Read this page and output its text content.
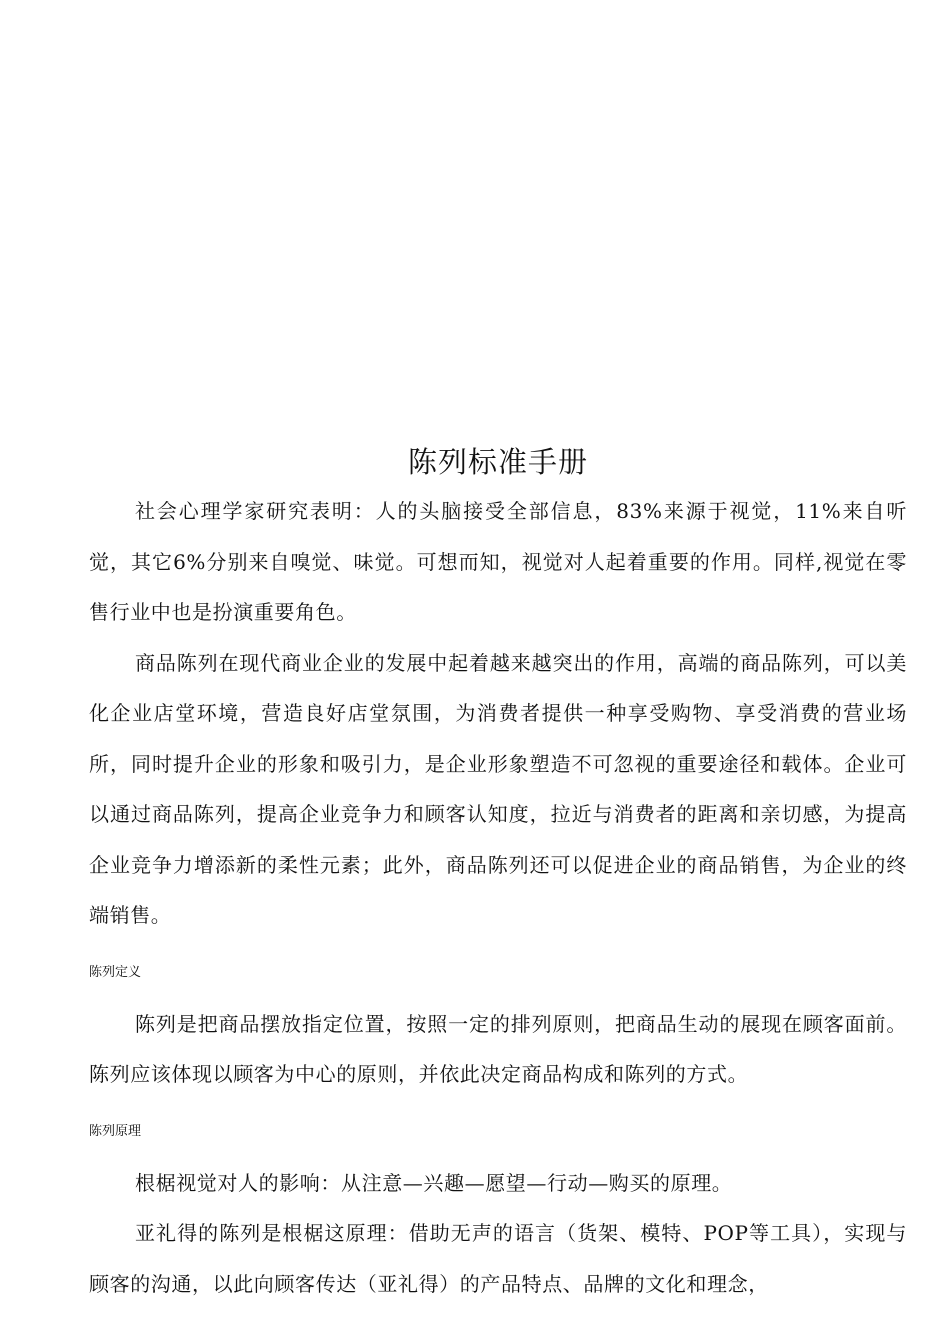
陈列标准手册

社会心理学家研究表明：人的头脑接受全部信息，83%来源于视觉，11%来自听觉，其它6%分别来自嗅觉、味觉。可想而知，视觉对人起着重要的作用。同样,视觉在零售行业中也是扮演重要角色。

商品陈列在现代商业企业的发展中起着越来越突出的作用，高端的商品陈列，可以美化企业店堂环境，营造良好店堂氛围，为消费者提供一种享受购物、享受消费的营业场所，同时提升企业的形象和吸引力，是企业形象塑造不可忽视的重要途径和载体。企业可以通过商品陈列，提高企业竞争力和顾客认知度，拉近与消费者的距离和亲切感，为提高企业竞争力增添新的柔性元素；此外，商品陈列还可以促进企业的商品销售，为企业的终端销售。

陈列定义

陈列是把商品摆放指定位置，按照一定的排列原则，把商品生动的展现在顾客面前。陈列应该体现以顾客为中心的原则，并依此决定商品构成和陈列的方式。

陈列原理

根椐视觉对人的影响：从注意—兴趣—愿望—行动—购买的原理。

亚礼得的陈列是根椐这原理：借助无声的语言（货架、模特、POP等工具），实现与顾客的沟通，以此向顾客传达（亚礼得）的产品特点、品牌的文化和理念，
